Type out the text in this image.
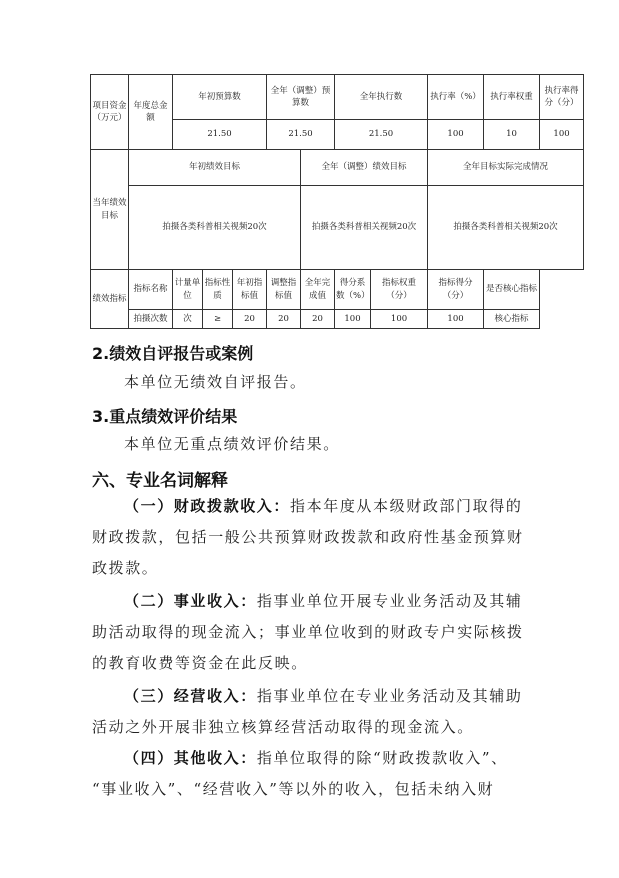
项目资金（万元）	年度总金额	年初预算数			全年（调整）预算数		全年执行数		执行率（%）	执行率权重	执行率得分（分）
		21.50			21.50		21.50		100	10	100
当年绩效目标	年初绩效目标					全年（调整）绩效目标			全年目标实际完成情况		
	拍摄各类科普相关视频20次					拍摄各类科普相关视频20次			拍摄各类科普相关视频20次		
绩效指标	指标名称	计量单位	指标性质	年初指标值	调整指标值	全年完成值	得分系数（%）	指标权重（分）	指标得分（分）	是否核心指标	
	拍摄次数	次	≥	20	20	20	100	100	100	核心指标	
2.绩效自评报告或案例
本单位无绩效自评报告。
3.重点绩效评价结果
本单位无重点绩效评价结果。
六、专业名词解释
（一）财政拨款收入：指本年度从本级财政部门取得的
财政拨款，包括一般公共预算财政拨款和政府性基金预算财
政拨款。
（二）事业收入：指事业单位开展专业业务活动及其辅
助活动取得的现金流入；事业单位收到的财政专户实际核拨
的教育收费等资金在此反映。
（三）经营收入：指事业单位在专业业务活动及其辅助
活动之外开展非独立核算经营活动取得的现金流入。
（四）其他收入：指单位取得的除“财政拨款收入”、
“事业收入”、“经营收入”等以外的收入，包括未纳入财
